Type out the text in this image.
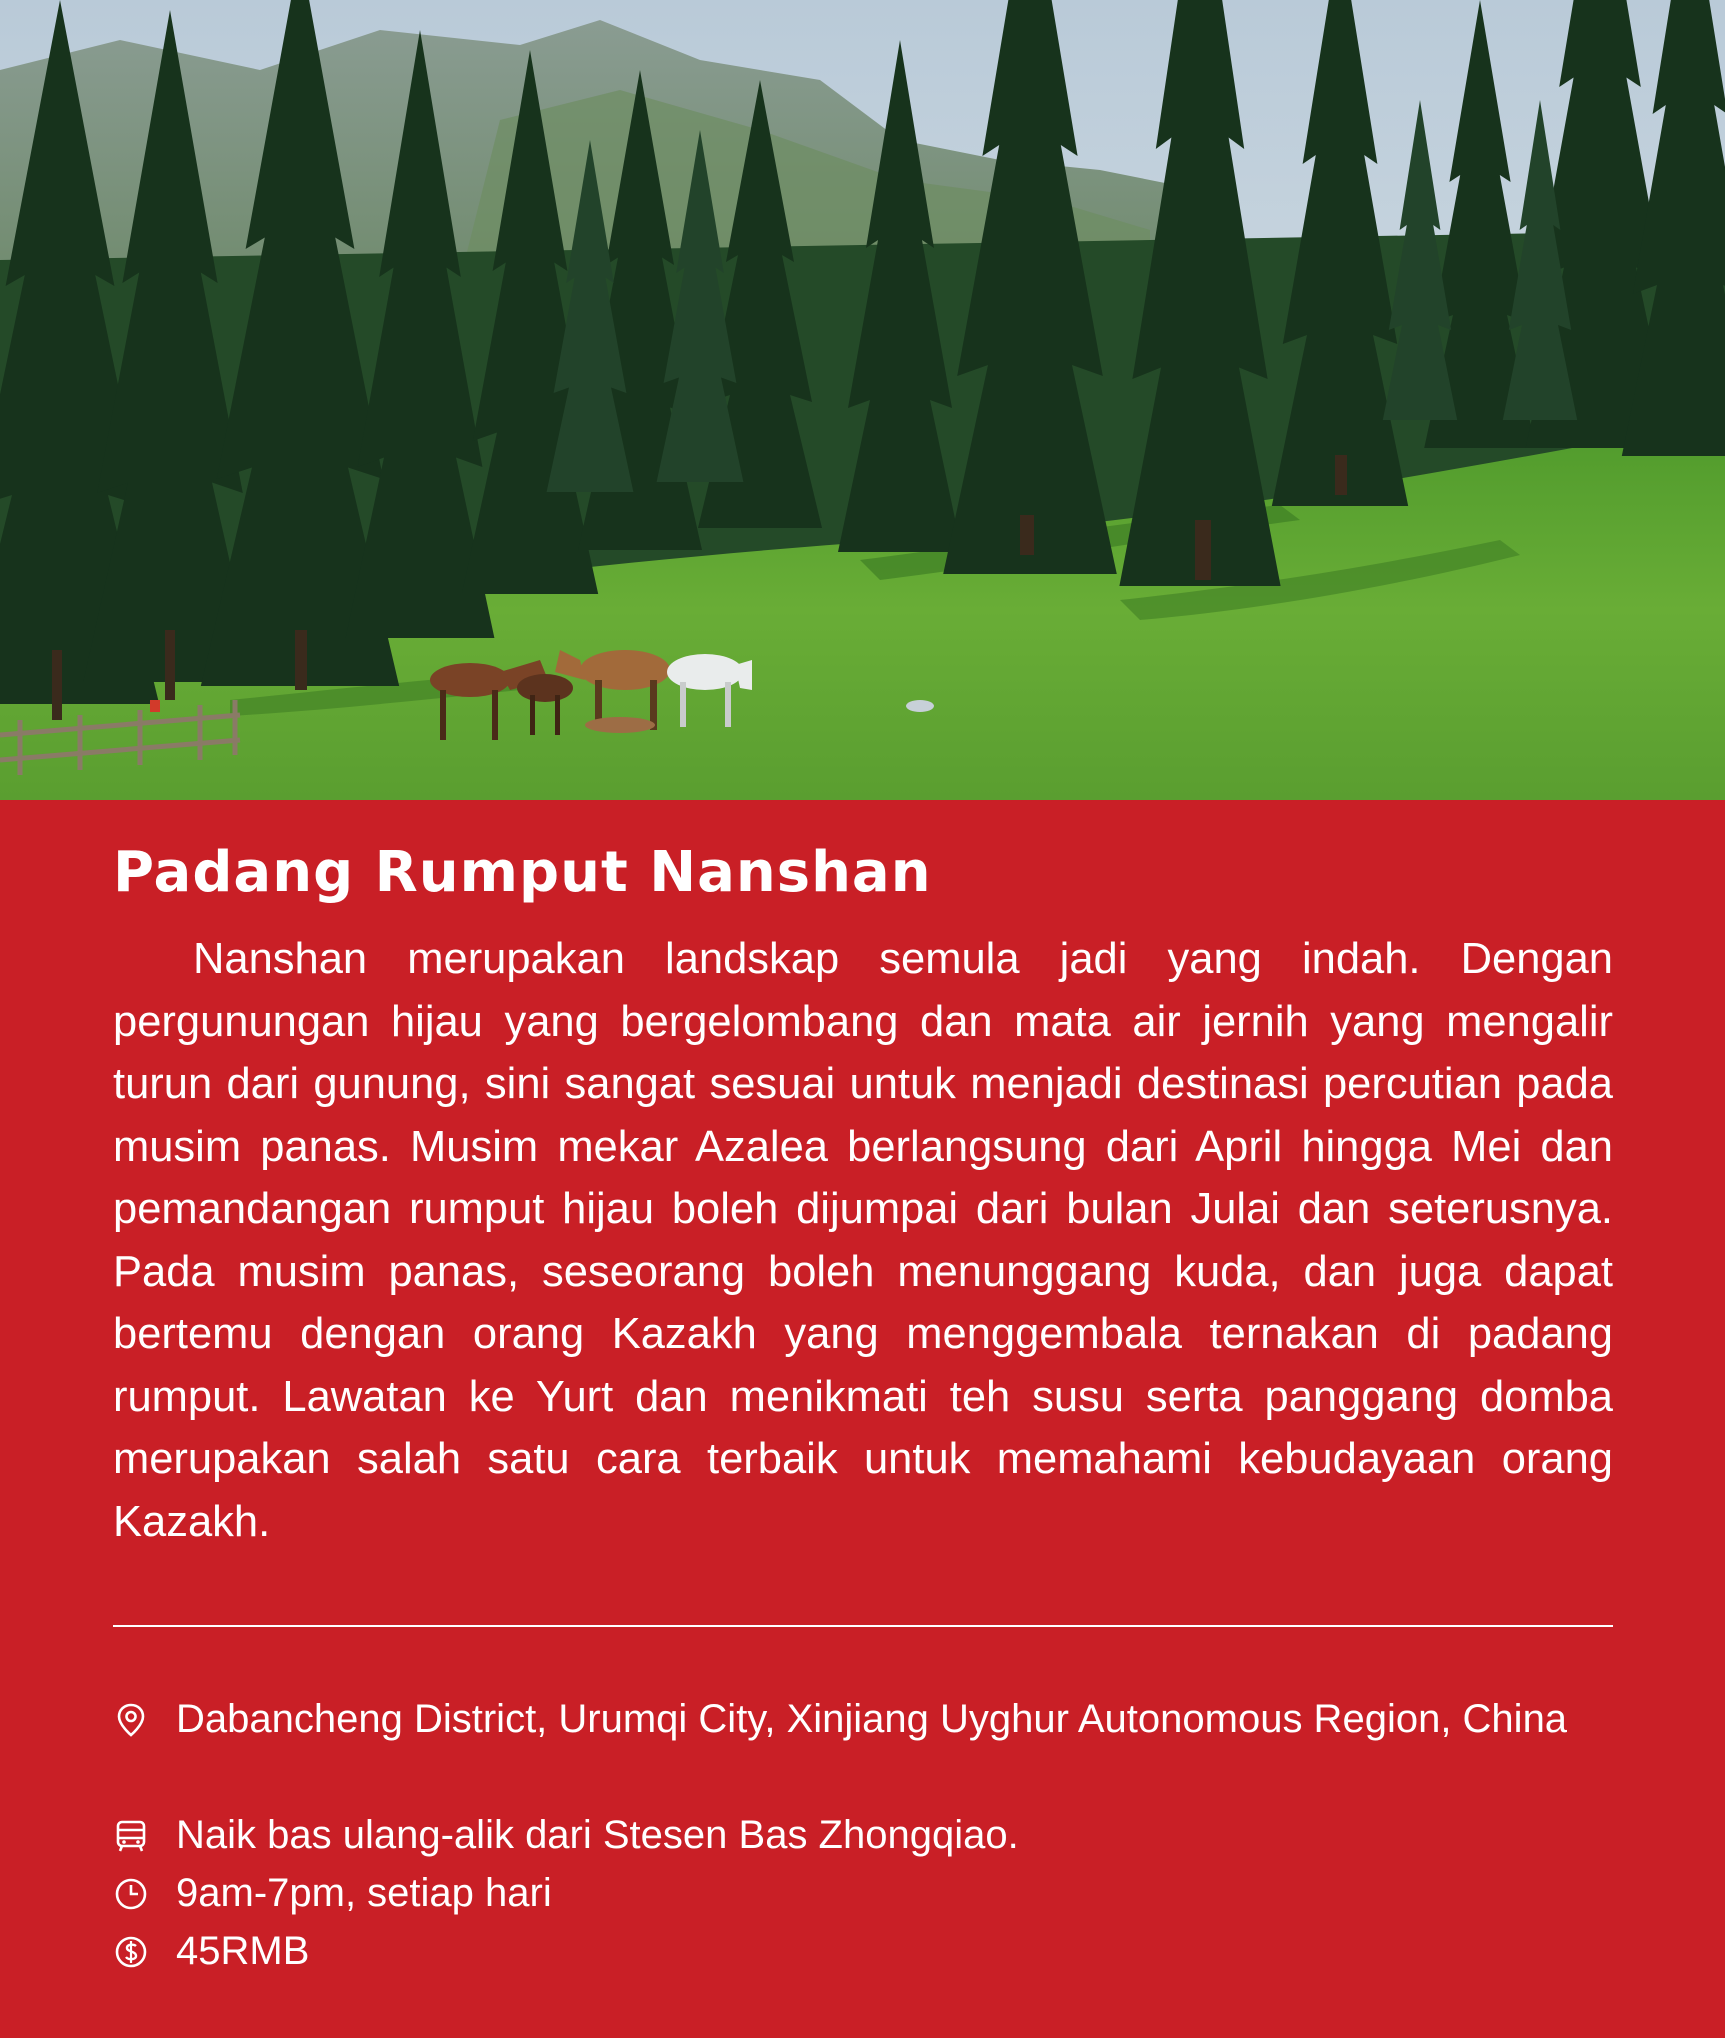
Padang Rumput Nanshan

Nanshan merupakan landskap semula jadi yang indah. Dengan pergunungan hijau yang bergelombang dan mata air jernih yang mengalir turun dari gunung, sini sangat sesuai untuk menjadi destinasi percutian pada musim panas. Musim mekar Azalea berlangsung dari April hingga Mei dan pemandangan rumput hijau boleh dijumpai dari bulan Julai dan seterusnya. Pada musim panas, seseorang boleh menunggang kuda, dan juga dapat bertemu dengan orang Kazakh yang menggembala ternakan di padang rumput. Lawatan ke Yurt dan menikmati teh susu serta panggang domba merupakan salah satu cara terbaik untuk memahami kebudayaan orang Kazakh.

Dabancheng District, Urumqi City, Xinjiang Uyghur Autonomous Region, China
Naik bas ulang-alik dari Stesen Bas Zhongqiao.
9am-7pm, setiap hari
45RMB
